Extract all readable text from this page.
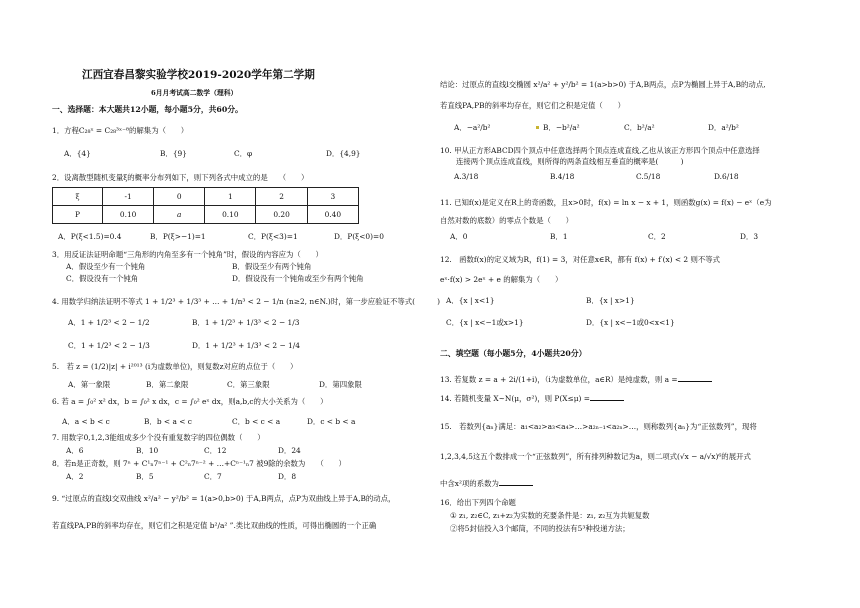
江西宜春昌黎实验学校2019-2020学年第二学期
6月月考试高二数学（理科）
一、选择题：本大题共12小题，每小题5分，共60分。
1．方程C₂₈ˣ = C₂₈³ˣ⁻⁸的解集为（　　）
A．{4}	B．{9}	C．φ	D．{4,9}
2．设离散型随机变量ξ的概率分布列如下，则下列各式中成立的是　　（　　）
ξ	-1	0	1	2	3
P	0.10	a	0.10	0.20	0.40
A．P(ξ<1.5)=0.4	B．P(ξ>−1)=1	C．P(ξ<3)=1	D．P(ξ<0)=0
3．用反证法证明命题“三角形的内角至多有一个钝角”时，假设的内容应为（　　）
A．假设至少有一个钝角	B．假设至少有两个钝角
C．假设没有一个钝角	D．假设没有一个钝角或至少有两个钝角
4. 用数学归纳法证明不等式 1 + 1/2³ + 1/3³ + … + 1/n³ < 2 − 1/n (n≥2, n∈N.)时，第一步应验证不等式(　　　)
A．1 + 1/2³ < 2 − 1/2	B．1 + 1/2³ + 1/3³ < 2 − 1/3
C．1 + 1/2³ < 2 − 1/3	D．1 + 1/2³ + 1/3³ < 2 − 1/4
5.　若 z = (1/2)|z| + i²⁰¹³ (i为虚数单位)，则复数z对应的点位于（　　）
A．第一象限	B．第二象限	C．第三象限	D．第四象限
6. 若 a = ∫₀² x² dx，b = ∫₀² x dx，c = ∫₀² eˣ dx，则a,b,c的大小关系为（　　）
A．a < b < c	B．b < a < c	C．b < c < a	D．c < b < a
7. 用数字0,1,2,3能组成多少个没有重复数字的四位偶数（　　）
A．6	B．10	C．12	D．24
8．若n是正奇数，则 7ⁿ + C¹ₙ7ⁿ⁻¹ + C²ₙ7ⁿ⁻² + …+Cⁿ⁻¹ₙ7 被9除的余数为　　（　　）
A．2	B．5	C．7	D．8
9. “过原点的直线l交双曲线 x²/a² − y²/b² = 1(a>0,b>0) 于A,B两点，点P为双曲线上异于A,B的动点，
若直线PA,PB的斜率均存在，则它们之积是定值 b²/a² ”.类比双曲线的性质，可得出椭圆的一个正确
结论：过原点的直线l交椭圆 x²/a² + y²/b² = 1(a>b>0) 于A,B两点，点P为椭圆上异于A,B的动点,
若直线PA,PB的斜率均存在，则它们之积是定值（　　）
A．−a²/b²	B．−b²/a²	C．b²/a²	D．a²/b²
10. 甲从正方形ABCD四个顶点中任意选择两个顶点连成直线,乙也从该正方形四个顶点中任意选择
连接两个顶点连成直线，则所得的两条直线相互垂直的概率是(　　　)
A.3/18	B.4/18	C.5/18	D.6/18
11. 已知f(x)是定义在R上的奇函数，且x>0时，f(x) = ln x − x + 1，则函数g(x) = f(x) − eˣ（e为
自然对数的底数）的零点个数是（　　）
A．0	B．1	C．2	D．3
12.　函数f(x)的定义域为R，f(1) = 3，对任意x∈R，都有 f(x) + f′(x) < 2 则不等式
eˣ·f(x) > 2eˣ + e 的解集为（　　）
A．{x | x<1}	B．{x | x>1}
C．{x | x<−1或x>1}	D．{x | x<−1或0<x<1}
二、填空题（每小题5分，4小题共20分）
13. 若复数 z = a + 2i/(1+i)，（i为虚数单位，a∈R）是纯虚数，则 a =
14. 若随机变量 X~N(μ，σ²)，则 P(X≤μ) =
15.　若数列{aₙ}满足：a₁<a₂>a₃<a₄>…>a₂ₙ₋₁<a₂ₙ>…，则称数列{aₙ}为“正弦数列”，现将
1,2,3,4,5这五个数排成一个“正弦数列”，所有排列种数记为a，则二项式(√x − a/√x)⁶的展开式
中含x²项的系数为
16．给出下列四个命题
① z₁, z₂∈C, z₁+z₂为实数的充要条件是：z₁, z₂互为共轭复数
②将5封信投入3个邮筒，不同的投法有5³种投递方法；
